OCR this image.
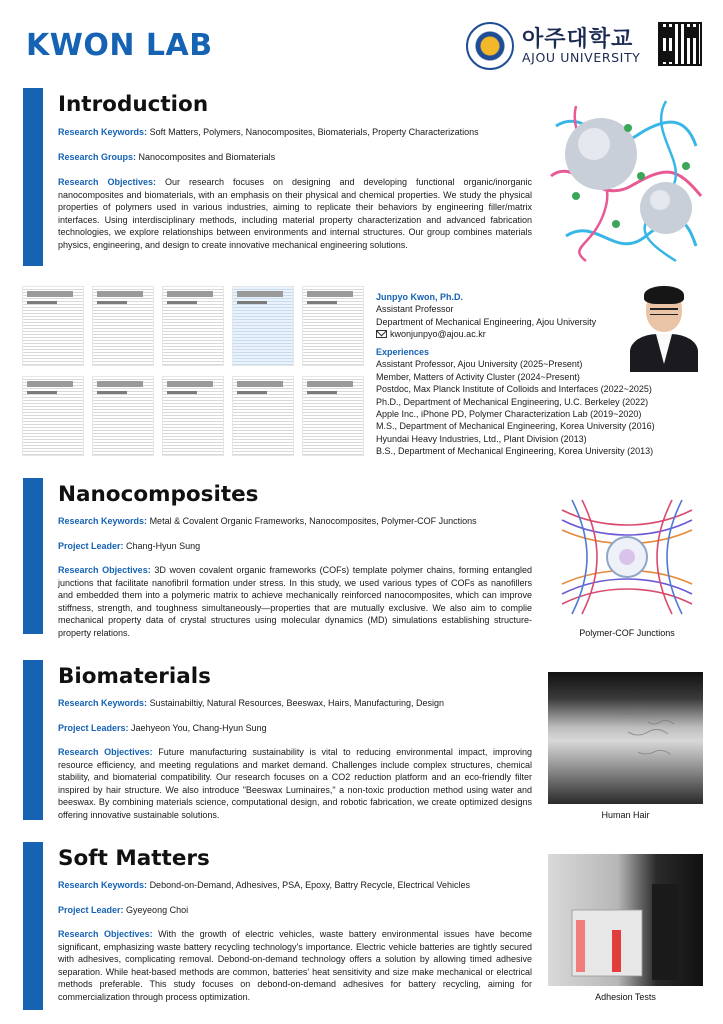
KWON LAB	아주대학교
AJOU UNIVERSITY
Introduction
Research Keywords: Soft Matters, Polymers, Nanocomposites, Biomaterials, Property Characterizations
Research Groups: Nanocomposites and Biomaterials
Research Objectives: Our research focuses on designing and developing functional organic/inorganic nanocomposites and biomaterials, with an emphasis on their physical and chemical properties. We study the physical properties of polymers used in various industries, aiming to replicate their behaviors by engineering filler/matrix interfaces. Using interdisciplinary methods, including material property characterization and advanced fabrication technologies, we explore relationships between environments and internal structures. Our group combines materials physics, engineering, and design to create innovative mechanical engineering solutions.
Junpyo Kwon, Ph.D.
Assistant Professor
Department of Mechanical Engineering, Ajou University
kwonjunpyo@ajou.ac.kr
Experiences
Assistant Professor, Ajou University (2025~Present)
Member, Matters of Activity Cluster (2024~Present)
Postdoc, Max Planck Institute of Colloids and Interfaces (2022~2025)
Ph.D., Department of Mechanical Engineering, U.C. Berkeley (2022)
Apple Inc., iPhone PD, Polymer Characterization Lab (2019~2020)
M.S., Department of Mechanical Engineering, Korea University (2016)
Hyundai Heavy Industries, Ltd., Plant Division (2013)
B.S., Department of Mechanical Engineering, Korea University (2013)
Nanocomposites
Research Keywords: Metal & Covalent Organic Frameworks, Nanocomposites, Polymer-COF Junctions
Project Leader: Chang-Hyun Sung
Research Objectives: 3D woven covalent organic frameworks (COFs) template polymer chains, forming entangled junctions that facilitate nanofibril formation under stress. In this study, we used various types of COFs as nanofillers and embedded them into a polymeric matrix to achieve mechanically reinforced nanocomposites, which can improve stiffness, strength, and toughness simultaneously—properties that are mutually exclusive. We also aim to complie mechanical property data of crystal structures using molecular dynamics (MD) simulations establishing structure-property relations.	Polymer-COF Junctions
Biomaterials
Research Keywords: Sustainabiltiy, Natural Resources, Beeswax, Hairs, Manufacturing, Design
Project Leaders: Jaehyeon You, Chang-Hyun Sung
Research Objectives: Future manufacturing sustainability is vital to reducing environmental impact, improving resource efficiency, and meeting regulations and market demand. Challenges include complex structures, chemical stability, and biomaterial compatibility. Our research focuses on a CO2 reduction platform and an eco-friendly filter inspired by hair structure. We also introduce "Beeswax Luminaires," a non-toxic production method using water and beeswax. By combining materials science, computational design, and robotic fabrication, we create optimized designs offering innovative sustainable solutions.	Human Hair
Soft Matters
Research Keywords: Debond-on-Demand, Adhesives, PSA, Epoxy, Battry Recycle, Electrical Vehicles
Project Leader: Gyeyeong Choi
Research Objectives: With the growth of electric vehicles, waste battery environmental issues have become significant, emphasizing waste battery recycling technology's importance. Electric vehicle batteries are tightly secured with adhesives, complicating removal. Debond-on-demand technology offers a solution by allowing timed adhesive separation. While heat-based methods are common, batteries' heat sensitivity and size make mechanical or electrical methods preferable. This study focuses on debond-on-demand adhesives for battery recycling, aiming for commercialization through process optimization.	Adhesion Tests
